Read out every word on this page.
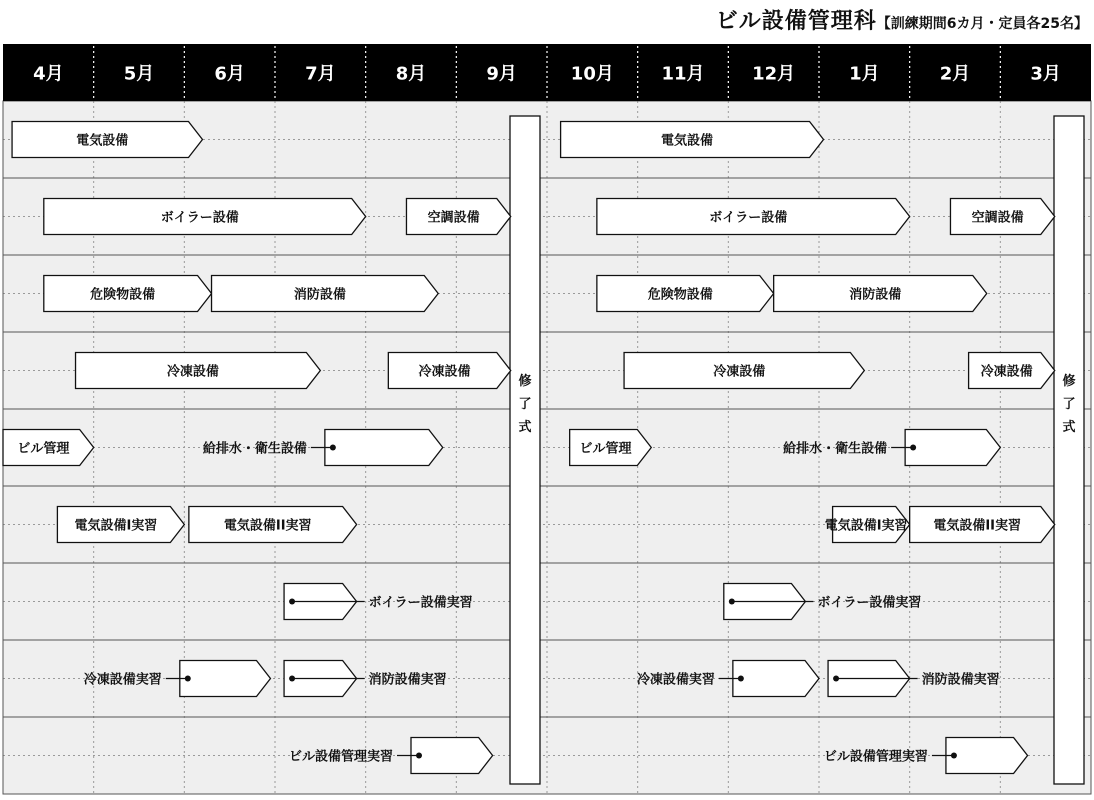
ビル設備管理科【訓練期間6カ月・定員各25名】
4月	5月	6月	7月	8月	9月	10月	11月	12月	1月	2月	3月
修
了
式
修
了
式
電気設備	電気設備
ボイラー設備	空調設備	ボイラー設備	空調設備
危険物設備	消防設備	危険物設備	消防設備
冷凍設備	冷凍設備	冷凍設備	冷凍設備
ビル管理	給排水・衛生設備	ビル管理	給排水・衛生設備
電気設備I実習	電気設備II実習	電気設備I実習 電気設備II実習
ボイラー設備実習	ボイラー設備実習
冷凍設備実習	消防設備実習	冷凍設備実習	消防設備実習
ビル設備管理実習	ビル設備管理実習
